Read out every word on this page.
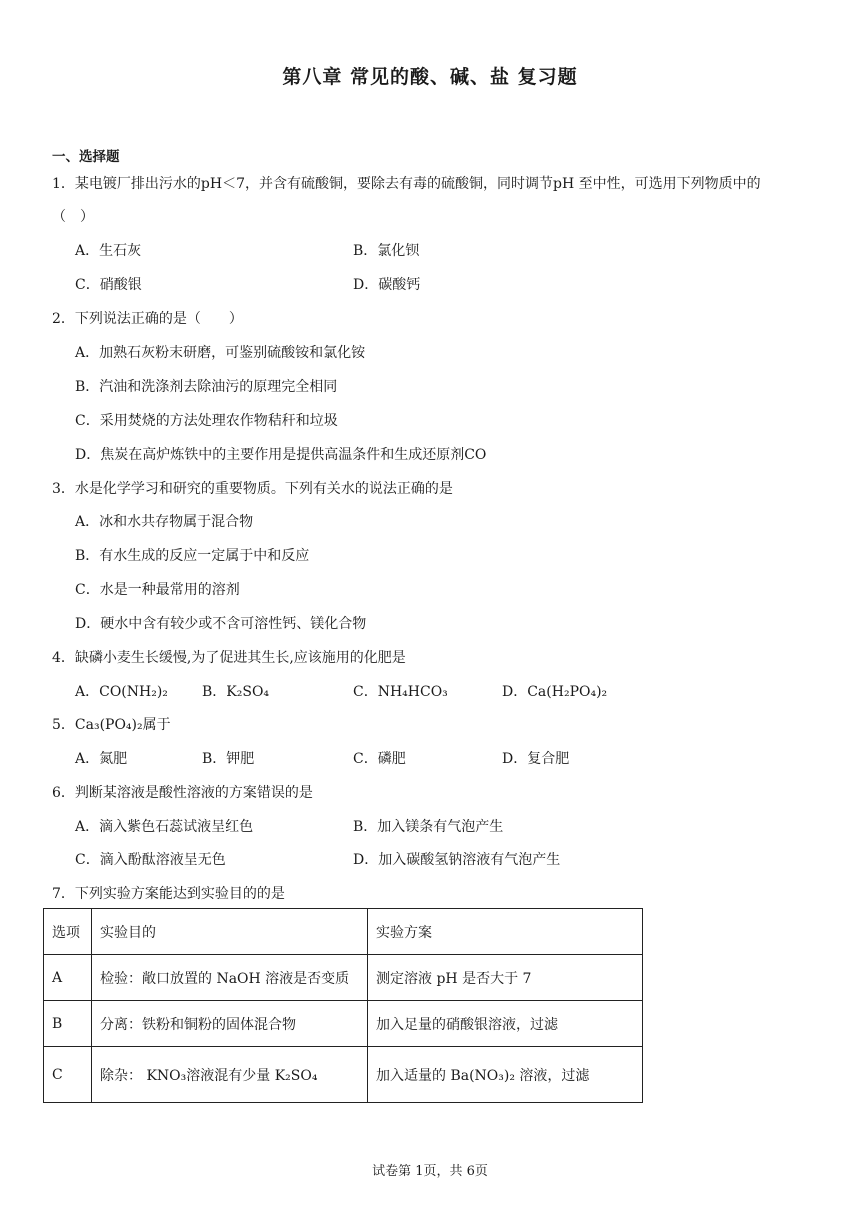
第八章 常见的酸、碱、盐 复习题
一、选择题
1．某电镀厂排出污水的pH＜7，并含有硫酸铜，要除去有毒的硫酸铜，同时调节pH 至中性，可选用下列物质中的
（　）
A．生石灰	B．氯化钡
C．硝酸银	D．碳酸钙
2．下列说法正确的是（　　）
A．加熟石灰粉末研磨，可鉴别硫酸铵和氯化铵
B．汽油和洗涤剂去除油污的原理完全相同
C．采用焚烧的方法处理农作物秸秆和垃圾
D．焦炭在高炉炼铁中的主要作用是提供高温条件和生成还原剂CO
3．水是化学学习和研究的重要物质。下列有关水的说法正确的是
A．冰和水共存物属于混合物
B．有水生成的反应一定属于中和反应
C．水是一种最常用的溶剂
D．硬水中含有较少或不含可溶性钙、镁化合物
4．缺磷小麦生长缓慢,为了促进其生长,应该施用的化肥是
A．CO(NH₂)₂ B．K₂SO₄	C．NH₄HCO₃	D．Ca(H₂PO₄)₂
5．Ca₃(PO₄)₂属于
A．氮肥	B．钾肥	C．磷肥	D．复合肥
6．判断某溶液是酸性溶液的方案错误的是
A．滴入紫色石蕊试液呈红色	B．加入镁条有气泡产生
C．滴入酚酞溶液呈无色	D．加入碳酸氢钠溶液有气泡产生
7．下列实验方案能达到实验目的的是
选项	实验目的	实验方案
A	检验：敞口放置的 NaOH 溶液是否变质	测定溶液 pH 是否大于 7
B	分离：铁粉和铜粉的固体混合物	加入足量的硝酸银溶液，过滤
C	除杂： KNO₃溶液混有少量 K₂SO₄	加入适量的 Ba(NO₃)₂ 溶液，过滤
试卷第 1页，共 6页
